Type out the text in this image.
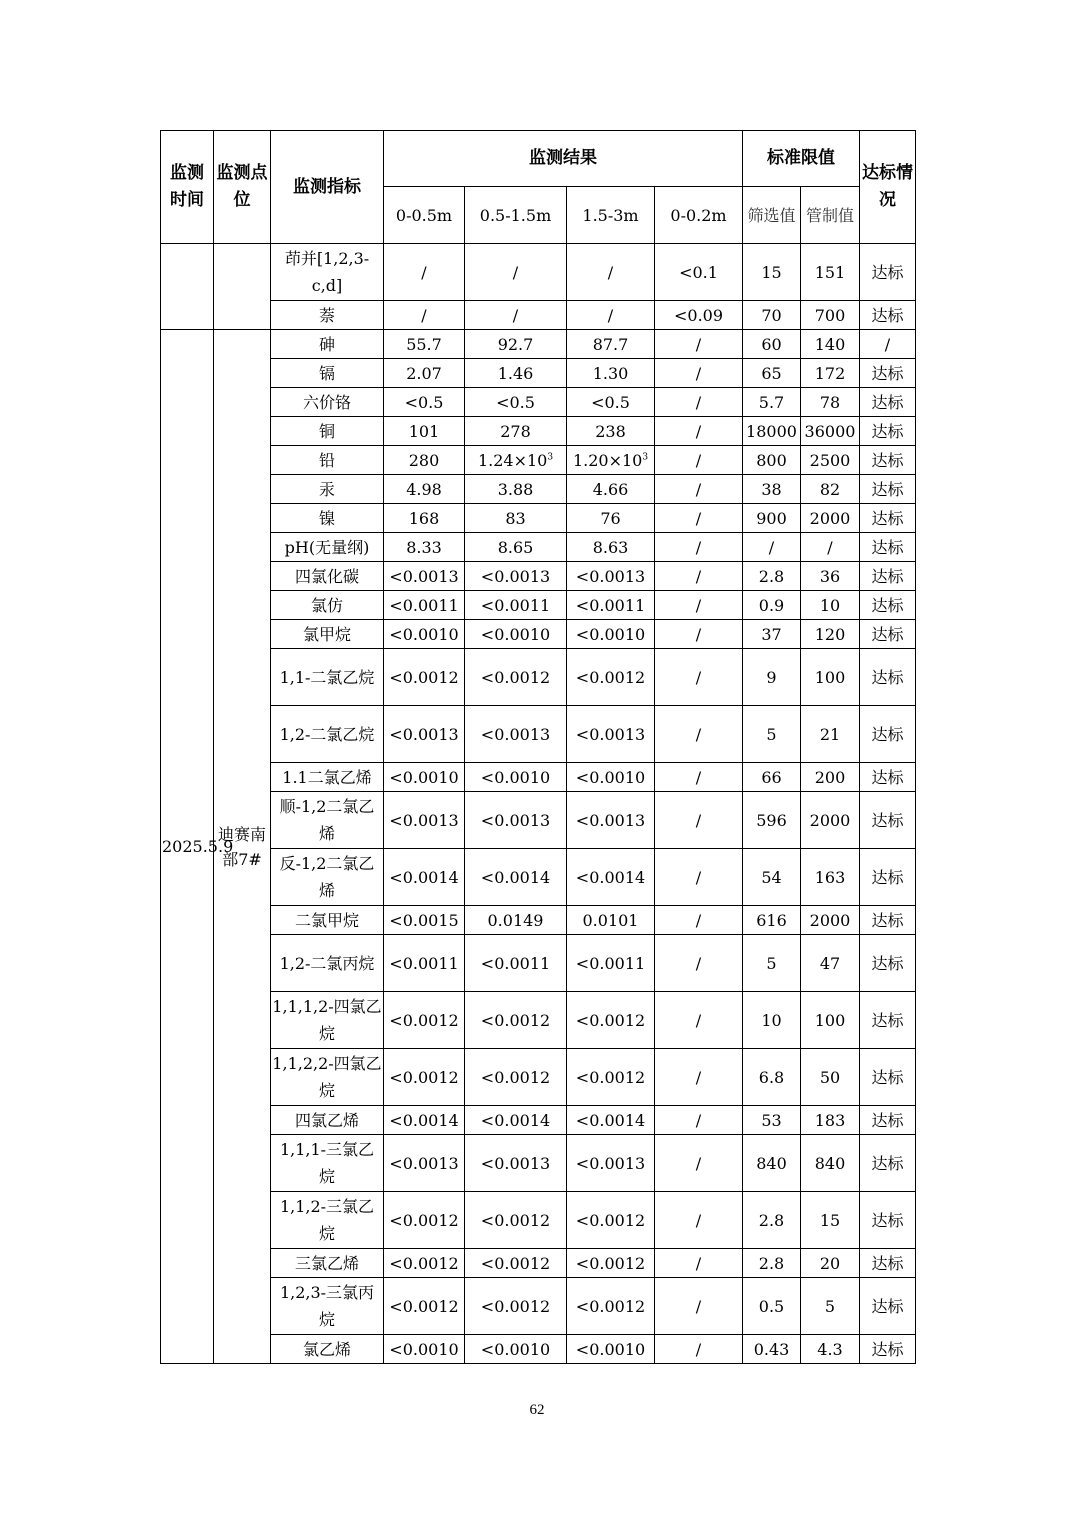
监测时间	监测点位	监测指标	监测结果				标准限值		达标情况
			0-0.5m	0.5-1.5m	1.5-3m	0-0.2m	筛选值	管制值	
		茚并[1,2,3-c,d]	/	/	/	<0.1	15	151	达标
		萘	/	/	/	<0.09	70	700	达标
2025.5.9	迪赛南部7#	砷	55.7	92.7	87.7	/	60	140	/
		镉	2.07	1.46	1.30	/	65	172	达标
		六价铬	<0.5	<0.5	<0.5	/	5.7	78	达标
		铜	101	278	238	/	18000	36000	达标
		铅	280	$1.24\times 10^3$	$1.20\times 10^3$	/	800	2500	达标
		汞	4.98	3.88	4.66	/	38	82	达标
		镍	168	83	76	/	900	2000	达标
		pH(无量纲)	8.33	8.65	8.63	/	/	/	达标
		四氯化碳	<0.0013	<0.0013	<0.0013	/	2.8	36	达标
		氯仿	<0.0011	<0.0011	<0.0011	/	0.9	10	达标
		氯甲烷	<0.0010	<0.0010	<0.0010	/	37	120	达标
		1,1-二氯乙烷	<0.0012	<0.0012	<0.0012	/	9	100	达标
		1,2-二氯乙烷	<0.0013	<0.0013	<0.0013	/	5	21	达标
		1.1二氯乙烯	<0.0010	<0.0010	<0.0010	/	66	200	达标
		顺-1,2二氯乙烯	<0.0013	<0.0013	<0.0013	/	596	2000	达标
		反-1,2二氯乙烯	<0.0014	<0.0014	<0.0014	/	54	163	达标
		二氯甲烷	<0.0015	0.0149	0.0101	/	616	2000	达标
		1,2-二氯丙烷	<0.0011	<0.0011	<0.0011	/	5	47	达标
		1,1,1,2-四氯乙烷	<0.0012	<0.0012	<0.0012	/	10	100	达标
		1,1,2,2-四氯乙烷	<0.0012	<0.0012	<0.0012	/	6.8	50	达标
		四氯乙烯	<0.0014	<0.0014	<0.0014	/	53	183	达标
		1,1,1-三氯乙烷	<0.0013	<0.0013	<0.0013	/	840	840	达标
		1,1,2-三氯乙烷	<0.0012	<0.0012	<0.0012	/	2.8	15	达标
		三氯乙烯	<0.0012	<0.0012	<0.0012	/	2.8	20	达标
		1,2,3-三氯丙烷	<0.0012	<0.0012	<0.0012	/	0.5	5	达标
		氯乙烯	<0.0010	<0.0010	<0.0010	/	0.43	4.3	达标
62
